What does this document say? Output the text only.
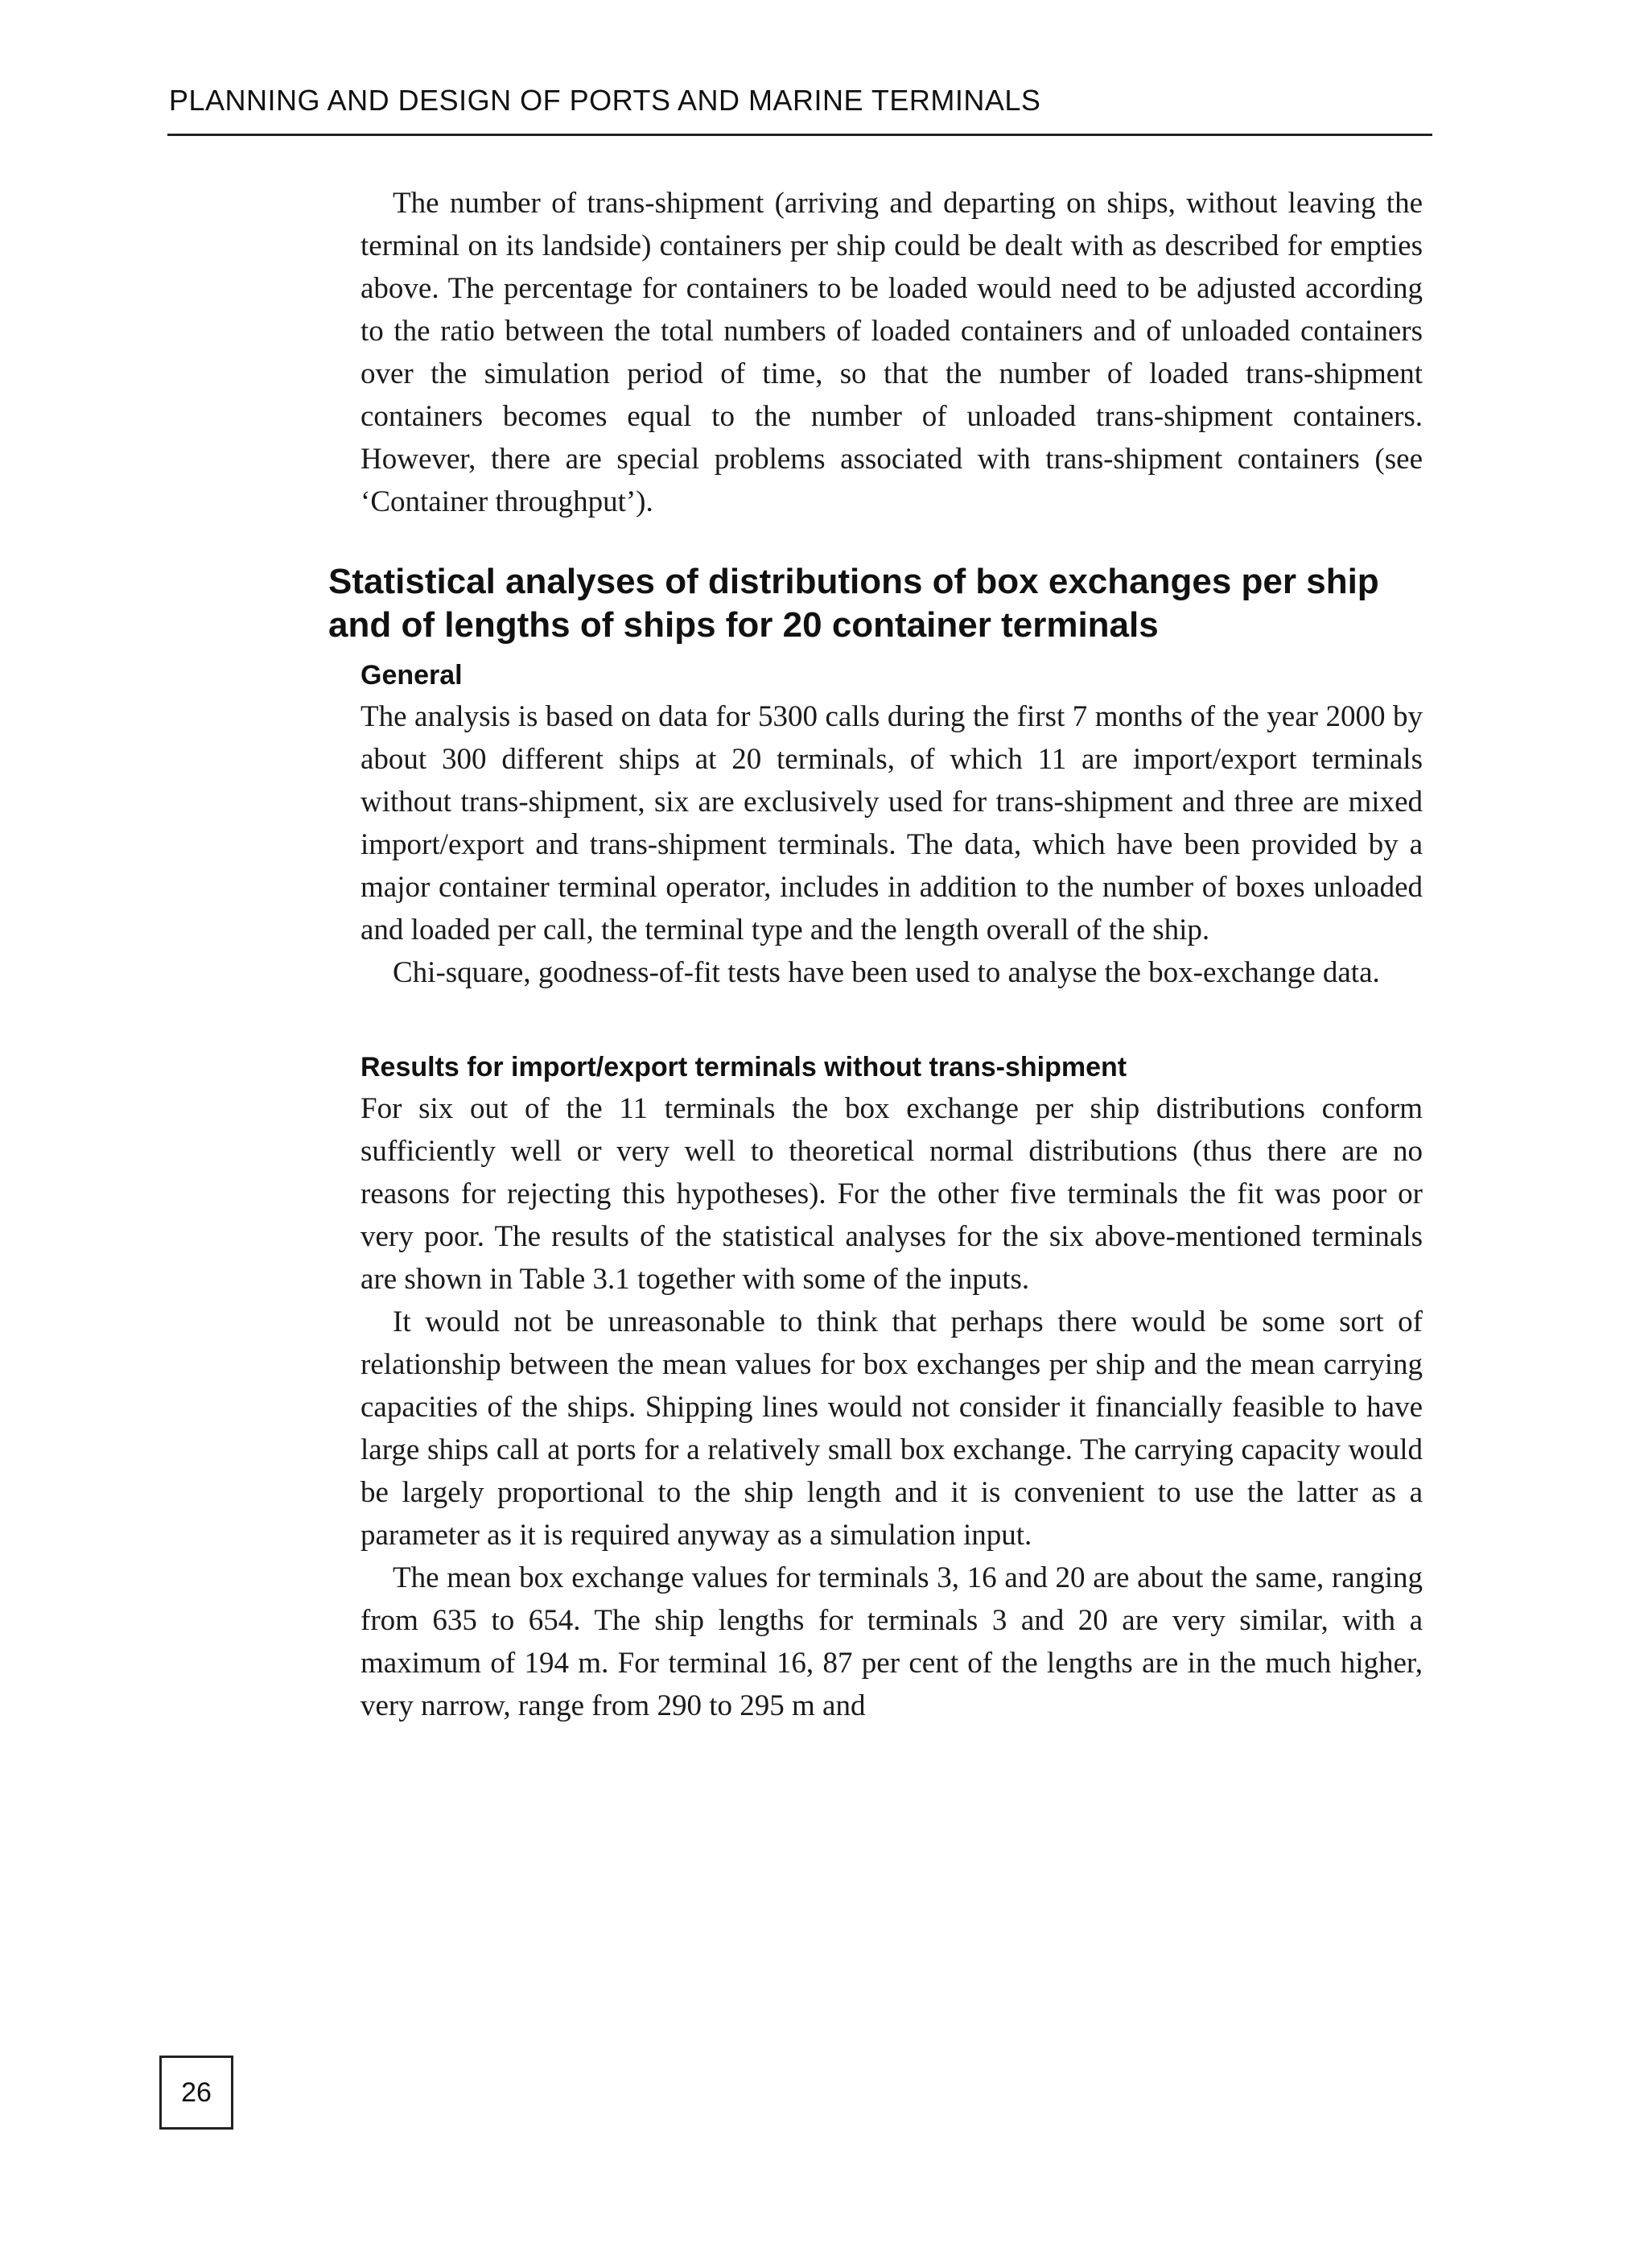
PLANNING AND DESIGN OF PORTS AND MARINE TERMINALS

The number of trans-shipment (arriving and departing on ships, without leaving the terminal on its landside) containers per ship could be dealt with as described for empties above. The percentage for containers to be loaded would need to be adjusted according to the ratio between the total numbers of loaded containers and of unloaded containers over the simulation period of time, so that the number of loaded trans-shipment containers becomes equal to the number of unloaded trans-shipment containers. However, there are special problems associated with trans-shipment containers (see ‘Container throughput’).

Statistical analyses of distributions of box exchanges per ship and of lengths of ships for 20 container terminals
General

The analysis is based on data for 5300 calls during the first 7 months of the year 2000 by about 300 different ships at 20 terminals, of which 11 are import/export terminals without trans-shipment, six are exclusively used for trans-shipment and three are mixed import/export and trans-shipment terminals. The data, which have been provided by a major container terminal operator, includes in addition to the number of boxes unloaded and loaded per call, the terminal type and the length overall of the ship.

Chi-square, goodness-of-fit tests have been used to analyse the box-exchange data.

Results for import/export terminals without trans-shipment

For six out of the 11 terminals the box exchange per ship distributions conform sufficiently well or very well to theoretical normal distributions (thus there are no reasons for rejecting this hypotheses). For the other five terminals the fit was poor or very poor. The results of the statistical analyses for the six above-mentioned terminals are shown in Table 3.1 together with some of the inputs.

It would not be unreasonable to think that perhaps there would be some sort of relationship between the mean values for box exchanges per ship and the mean carrying capacities of the ships. Shipping lines would not consider it financially feasible to have large ships call at ports for a relatively small box exchange. The carrying capacity would be largely proportional to the ship length and it is convenient to use the latter as a parameter as it is required anyway as a simulation input.

The mean box exchange values for terminals 3, 16 and 20 are about the same, ranging from 635 to 654. The ship lengths for terminals 3 and 20 are very similar, with a maximum of 194 m. For terminal 16, 87 per cent of the lengths are in the much higher, very narrow, range from 290 to 295 m and

26
